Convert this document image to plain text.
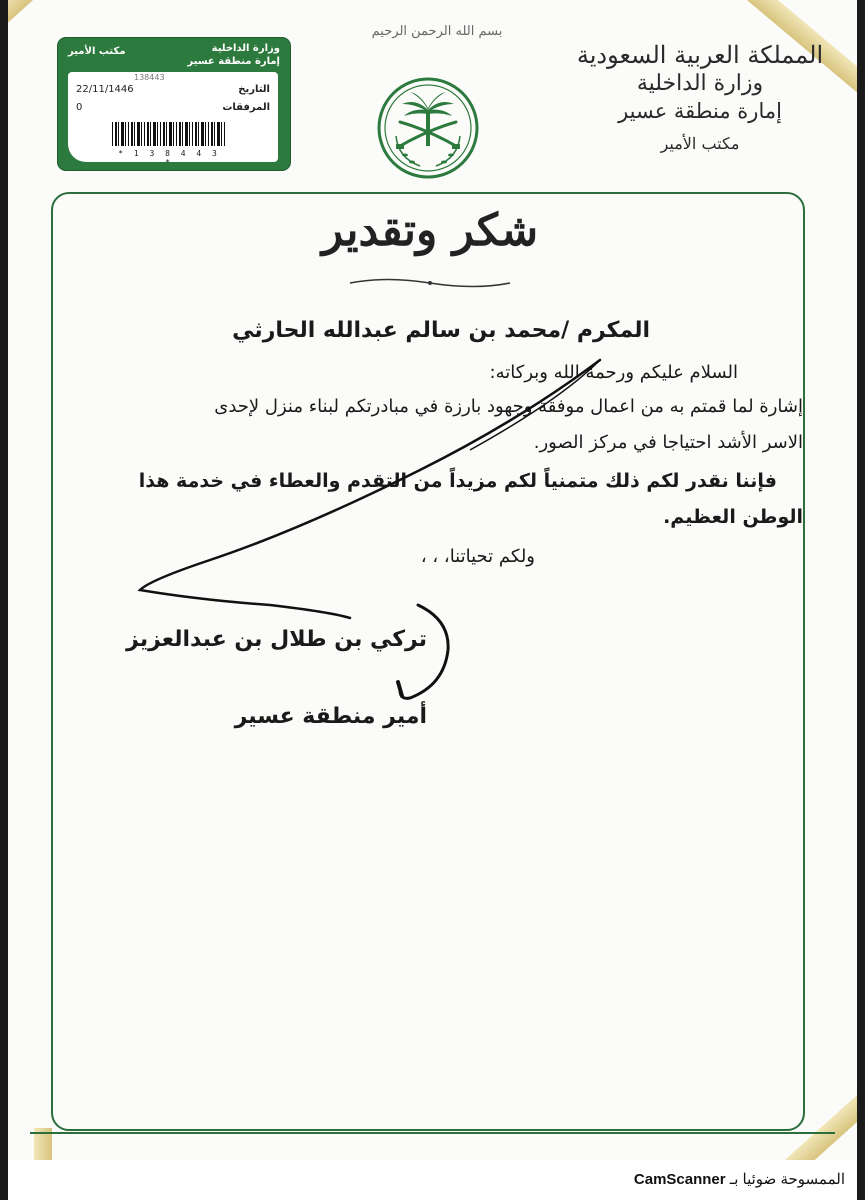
المملكة العربية السعودية
وزارة الداخلية
إمارة منطقة عسير
مكتب الأمير
بسم الله الرحمن الرحيم
وزارة الداخلية
إمارة منطقة عسير
مكتب الأمير
138443
التاريخ
22/11/1446
المرفقات
0
* 1 3 8 4 4 3 *
شكر وتقدير
المكرم /محمد بن سالم عبدالله الحارثي
السلام عليكم ورحمة الله وبركاته:
إشارة لما قمتم به من اعمال موفقة وجهود بارزة في مبادرتكم لبناء منزل لإحدى
الاسر الأشد احتياجا في مركز الصور.
فإننا نقدر لكم ذلك متمنياً لكم مزيداً من التقدم والعطاء في خدمة هذا
الوطن العظيم.
ولكم تحياتنا، ، ،
تركي بن طلال بن عبدالعزيز
أمير منطقة عسير
الممسوحة ضوئيا بـ CamScanner
